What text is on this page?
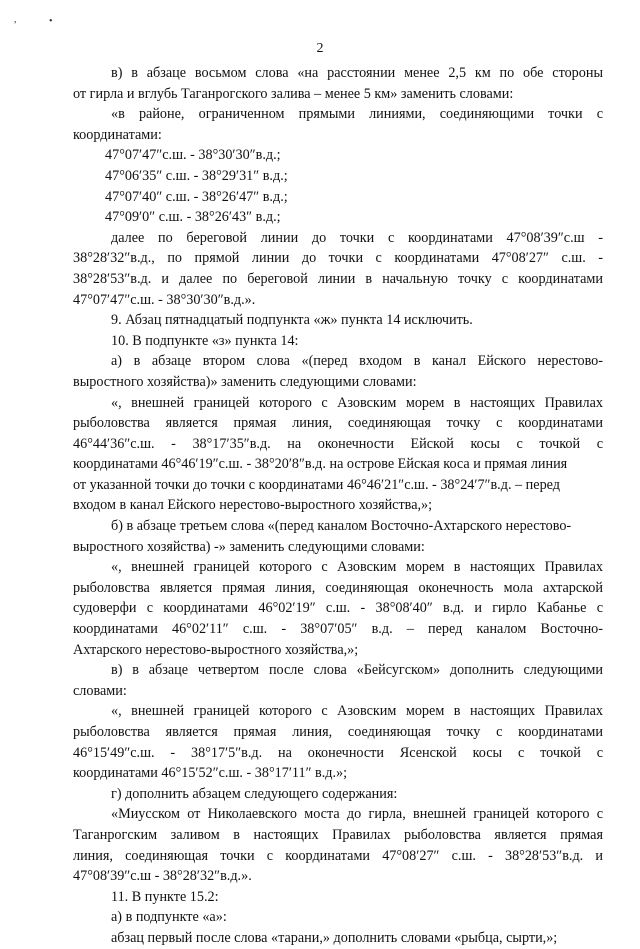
,	•
2
в) в абзаце восьмом слова «на расстоянии менее 2,5 км по обе стороны
от гирла и вглубь Таганрогского залива – менее 5 км» заменить словами:
«в районе, ограниченном прямыми линиями, соединяющими точки с
координатами:
47°07′47″с.ш. - 38°30′30″в.д.;
47°06′35″ с.ш. - 38°29′31″ в.д.;
47°07′40″ с.ш. - 38°26′47″ в.д.;
47°09′0″ с.ш. - 38°26′43″ в.д.;
далее по береговой линии до точки с координатами 47°08′39″с.ш -
38°28′32″в.д., по прямой линии до точки с координатами 47°08′27″ с.ш. -
38°28′53″в.д. и далее по береговой линии в начальную точку с координатами
47°07′47″с.ш. - 38°30′30″в.д.».
9. Абзац пятнадцатый подпункта «ж» пункта 14 исключить.
10. В подпункте «з» пункта 14:
а) в абзаце втором слова «(перед входом в канал Ейского нерестово-
выростного хозяйства)» заменить следующими словами:
«, внешней границей которого с Азовским морем в настоящих Правилах
рыболовства является прямая линия, соединяющая точку с координатами
46°44′36″с.ш. - 38°17′35″в.д. на оконечности Ейской косы с точкой с
координатами 46°46′19″с.ш. - 38°20′8″в.д. на острове Ейская коса и прямая линия
от указанной точки до точки с координатами 46°46′21″с.ш. - 38°24′7″в.д. – перед
входом в канал Ейского нерестово-выростного хозяйства,»;
б) в абзаце третьем слова «(перед каналом Восточно-Ахтарского нерестово-
выростного хозяйства) -» заменить следующими словами:
«, внешней границей которого с Азовским морем в настоящих Правилах
рыболовства является прямая линия, соединяющая оконечность мола ахтарской
судоверфи с координатами 46°02′19″ с.ш. - 38°08′40″ в.д. и гирло Кабанье с
координатами 46°02′11″ с.ш. - 38°07′05″ в.д. – перед каналом Восточно-
Ахтарского нерестово-выростного хозяйства,»;
в) в абзаце четвертом после слова «Бейсугском» дополнить следующими
словами:
«, внешней границей которого с Азовским морем в настоящих Правилах
рыболовства является прямая линия, соединяющая точку с координатами
46°15′49″с.ш. - 38°17′5″в.д. на оконечности Ясенской косы с точкой с
координатами 46°15′52″с.ш. - 38°17′11″ в.д.»;
г) дополнить абзацем следующего содержания:
«Миусском от Николаевского моста до гирла, внешней границей которого с
Таганрогским заливом в настоящих Правилах рыболовства является прямая
линия, соединяющая точки с координатами 47°08′27″ с.ш. - 38°28′53″в.д. и
47°08′39″с.ш - 38°28′32″в.д.».
11. В пункте 15.2:
а) в подпункте «а»:
абзац первый после слова «тарани,» дополнить словами «рыбца, сырти,»;
